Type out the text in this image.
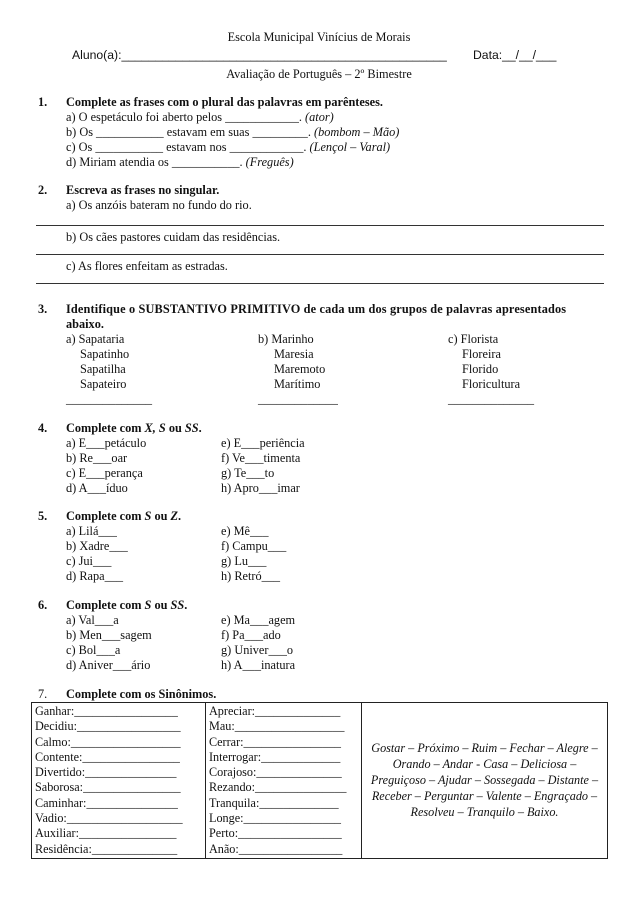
Escola Municipal Vinícius de Morais
Aluno(a):________________________________________________ Data:__/__/___
Avaliação de Português – 2º Bimestre
1. Complete as frases com o plural das palavras em parênteses.
a) O espetáculo foi aberto pelos ____________. (ator)
b) Os ___________ estavam em suas _________. (bombom – Mão)
c) Os ___________ estavam nos ____________. (Lençol – Varal)
d) Miriam atendia os ___________. (Freguês)
2. Escreva as frases no singular.
a) Os anzóis bateram no fundo do rio.
b) Os cães pastores cuidam das residências.
c) As flores enfeitam as estradas.
3. Identifique o SUBSTANTIVO PRIMITIVO de cada um dos grupos de palavras apresentados
abaixo.
a) Sapataria
Sapatinho
Sapatilha
Sapateiro
______________
b) Marinho
Maresia
Maremoto
Marítimo
_____________
c) Florista
Floreira
Florido
Floricultura
______________
4. Complete com X, S ou SS.
a) E___petáculo
b) Re___oar
c) E___perança
d) A___íduo
e) E___periência
f) Ve___timenta
g) Te___to
h) Apro___imar
5. Complete com S ou Z.
a) Lilá___
b) Xadre___
c) Jui___
d) Rapa___
e) Mê___
f) Campu___
g) Lu___
h) Retró___
6. Complete com S ou SS.
a) Val___a
b) Men___sagem
c) Bol___a
d) Aniver___ário
e) Ma___agem
f) Pa___ado
g) Univer___o
h) A___inatura
7. Complete com os Sinônimos.
Ganhar:_________________
Decidiu:_________________
Calmo:__________________
Contente:________________
Divertido:_______________
Saborosa:________________
Caminhar:_______________
Vadio:___________________
Auxiliar:________________
Residência:______________

Apreciar:______________
Mau:__________________
Cerrar:________________
Interrogar:_____________
Corajoso:______________
Rezando:_______________
Tranquila:_____________
Longe:________________
Perto:_________________
Anão:_________________
	Gostar – Próximo – Ruim – Fechar – Alegre – Orando – Andar - Casa – Deliciosa – Preguiçoso – Ajudar – Sossegada – Distante – Receber – Perguntar – Valente – Engraçado – Resolveu – Tranquilo – Baixo.
